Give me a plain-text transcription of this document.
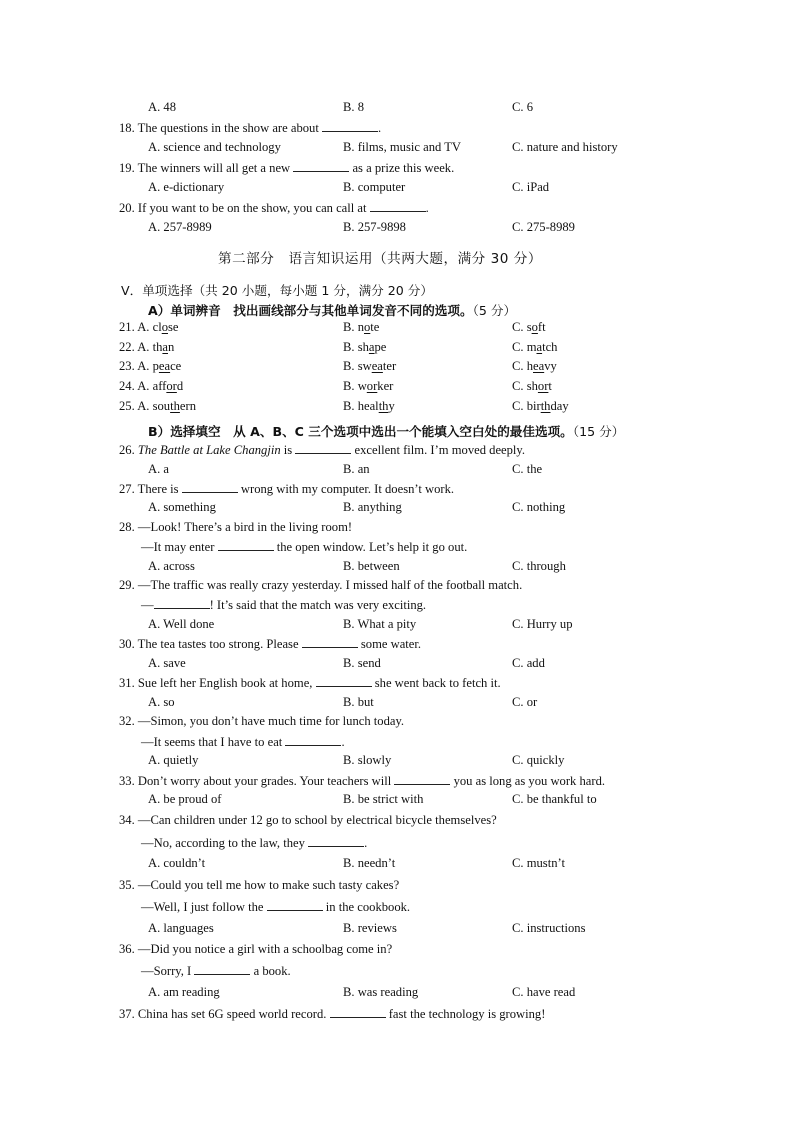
A. 48	B. 8	C. 6
18. The questions in the show are about	.
A. science and technology	B. films, music and TV	C. nature and history
19. The winners will all get a new	as a prize this week.
A. e-dictionary	B. computer	C. iPad
20. If you want to be on the show, you can call at	.
A. 257-8989	B. 257-9898	C. 275-8989
第二部分　语言知识运用（共两大题，满分 30 分）
V．单项选择（共 20 小题，每小题 1 分，满分 20 分）
A）单词辨音　找出画线部分与其他单词发音不同的选项。（5 分）
21. A. close	B. note	C. soft
22. A. than	B. shape	C. match
23. A. peace	B. sweater	C. heavy
24. A. afford	B. worker	C. short
25. A. southern	B. healthy	C. birthday
B）选择填空　从 A、B、C 三个选项中选出一个能填入空白处的最佳选项。（15 分）
26. The Battle at Lake Changjin is	excellent film. I’m moved deeply.
A. a	B. an	C. the
27. There is	wrong with my computer. It doesn’t work.
A. something	B. anything	C. nothing
28. —Look! There’s a bird in the living room!
—It may enter	the open window. Let’s help it go out.
A. across	B. between	C. through
29. —The traffic was really crazy yesterday. I missed half of the football match.
—	! It’s said that the match was very exciting.
A. Well done	B. What a pity	C. Hurry up
30. The tea tastes too strong. Please	some water.
A. save	B. send	C. add
31. Sue left her English book at home,	she went back to fetch it.
A. so	B. but	C. or
32. —Simon, you don’t have much time for lunch today.
—It seems that I have to eat	.
A. quietly	B. slowly	C. quickly
33. Don’t worry about your grades. Your teachers will	you as long as you work hard.
A. be proud of	B. be strict with	C. be thankful to
34. —Can children under 12 go to school by electrical bicycle themselves?
—No, according to the law, they	.
A. couldn’t	B. needn’t	C. mustn’t
35. —Could you tell me how to make such tasty cakes?
—Well, I just follow the	in the cookbook.
A. languages	B. reviews	C. instructions
36. —Did you notice a girl with a schoolbag come in?
—Sorry, I	a book.
A. am reading	B. was reading	C. have read
37. China has set 6G speed world record.	fast the technology is growing!
